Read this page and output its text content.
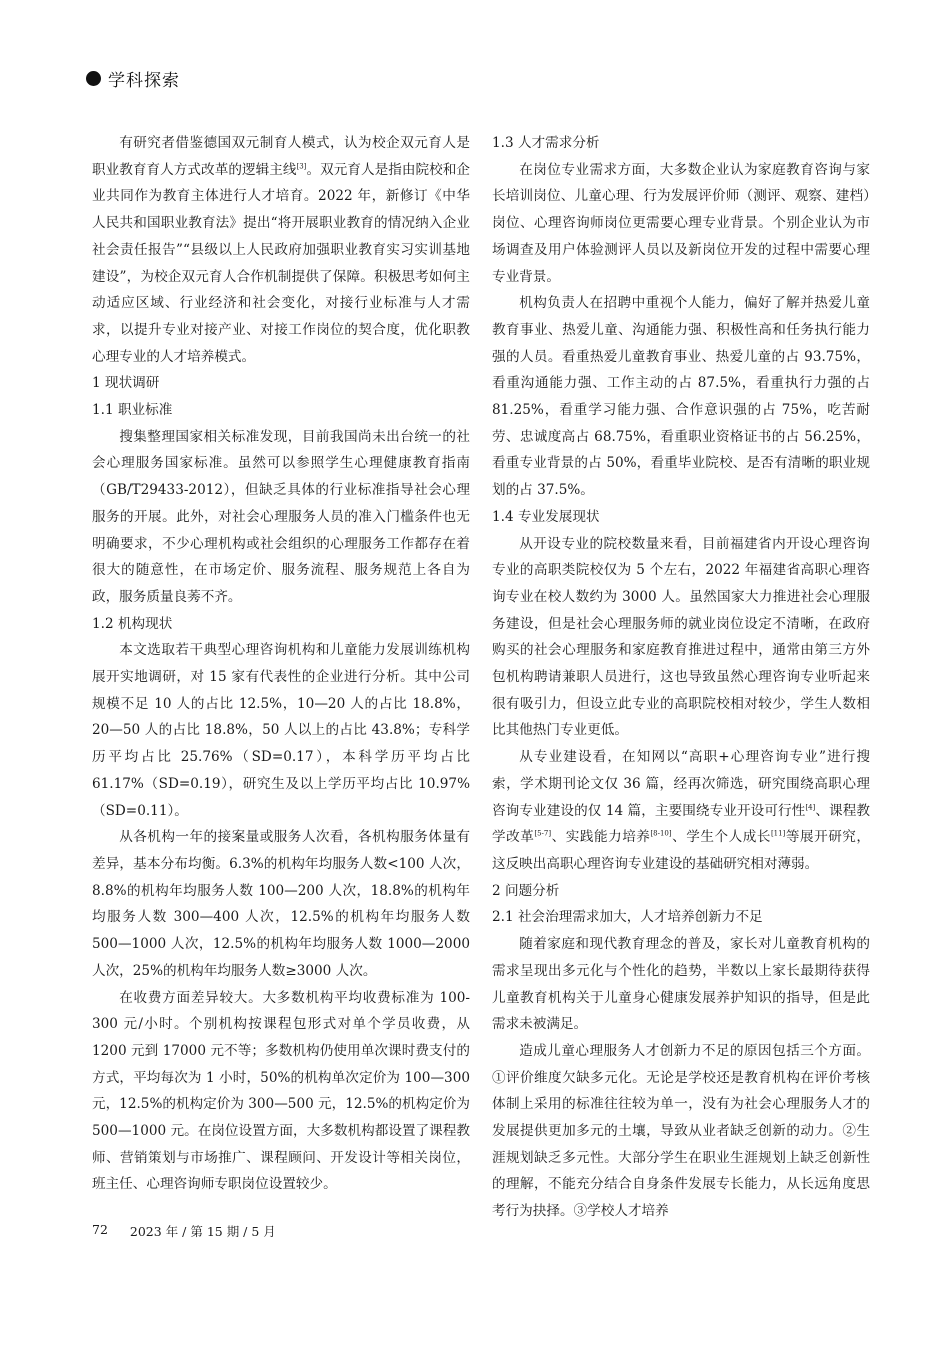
学科探索

有研究者借鉴德国双元制育人模式，认为校企双元育人是职业教育育人方式改革的逻辑主线[3]。双元育人是指由院校和企业共同作为教育主体进行人才培育。2022 年，新修订《中华人民共和国职业教育法》提出“将开展职业教育的情况纳入企业社会责任报告”“县级以上人民政府加强职业教育实习实训基地建设”，为校企双元育人合作机制提供了保障。积极思考如何主动适应区域、行业经济和社会变化，对接行业标准与人才需求，以提升专业对接产业、对接工作岗位的契合度，优化职教心理专业的人才培养模式。

1 现状调研

1.1 职业标准

搜集整理国家相关标准发现，目前我国尚未出台统一的社会心理服务国家标准。虽然可以参照学生心理健康教育指南（GB/T29433-2012），但缺乏具体的行业标准指导社会心理服务的开展。此外，对社会心理服务人员的准入门槛条件也无明确要求，不少心理机构或社会组织的心理服务工作都存在着很大的随意性，在市场定价、服务流程、服务规范上各自为政，服务质量良莠不齐。

1.2 机构现状

本文选取若干典型心理咨询机构和儿童能力发展训练机构展开实地调研，对 15 家有代表性的企业进行分析。其中公司规模不足 10 人的占比 12.5%，10—20 人的占比 18.8%，20—50 人的占比 18.8%，50 人以上的占比 43.8%；专科学历平均占比 25.76%（SD=0.17），本科学历平均占比 61.17%（SD=0.19），研究生及以上学历平均占比 10.97%（SD=0.11）。

从各机构一年的接案量或服务人次看，各机构服务体量有差异，基本分布均衡。6.3%的机构年均服务人数<100 人次，8.8%的机构年均服务人数 100—200 人次，18.8%的机构年均服务人数 300—400 人次，12.5%的机构年均服务人数 500—1000 人次，12.5%的机构年均服务人数 1000—2000 人次，25%的机构年均服务人数≥3000 人次。

在收费方面差异较大。大多数机构平均收费标准为 100-300 元/小时。个别机构按课程包形式对单个学员收费，从 1200 元到 17000 元不等；多数机构仍使用单次课时费支付的方式，平均每次为 1 小时，50%的机构单次定价为 100—300 元，12.5%的机构定价为 300—500 元，12.5%的机构定价为 500—1000 元。在岗位设置方面，大多数机构都设置了课程教师、营销策划与市场推广、课程顾问、开发设计等相关岗位，班主任、心理咨询师专职岗位设置较少。

1.3 人才需求分析

在岗位专业需求方面，大多数企业认为家庭教育咨询与家长培训岗位、儿童心理、行为发展评价师（测评、观察、建档）岗位、心理咨询师岗位更需要心理专业背景。个别企业认为市场调查及用户体验测评人员以及新岗位开发的过程中需要心理专业背景。

机构负责人在招聘中重视个人能力，偏好了解并热爱儿童教育事业、热爱儿童、沟通能力强、积极性高和任务执行能力强的人员。看重热爱儿童教育事业、热爱儿童的占 93.75%，看重沟通能力强、工作主动的占 87.5%，看重执行力强的占 81.25%，看重学习能力强、合作意识强的占 75%，吃苦耐劳、忠诚度高占 68.75%，看重职业资格证书的占 56.25%，看重专业背景的占 50%，看重毕业院校、是否有清晰的职业规划的占 37.5%。

1.4 专业发展现状

从开设专业的院校数量来看，目前福建省内开设心理咨询专业的高职类院校仅为 5 个左右，2022 年福建省高职心理咨询专业在校人数约为 3000 人。虽然国家大力推进社会心理服务建设，但是社会心理服务师的就业岗位设定不清晰，在政府购买的社会心理服务和家庭教育推进过程中，通常由第三方外包机构聘请兼职人员进行，这也导致虽然心理咨询专业听起来很有吸引力，但设立此专业的高职院校相对较少，学生人数相比其他热门专业更低。

从专业建设看，在知网以“高职+心理咨询专业”进行搜索，学术期刊论文仅 36 篇，经再次筛选，研究围绕高职心理咨询专业建设的仅 14 篇，主要围绕专业开设可行性[4]、课程教学改革[5-7]、实践能力培养[8-10]、学生个人成长[11]等展开研究，这反映出高职心理咨询专业建设的基础研究相对薄弱。

2 问题分析

2.1 社会治理需求加大，人才培养创新力不足

随着家庭和现代教育理念的普及，家长对儿童教育机构的需求呈现出多元化与个性化的趋势，半数以上家长最期待获得儿童教育机构关于儿童身心健康发展养护知识的指导，但是此需求未被满足。

造成儿童心理服务人才创新力不足的原因包括三个方面。①评价维度欠缺多元化。无论是学校还是教育机构在评价考核体制上采用的标准往往较为单一，没有为社会心理服务人才的发展提供更加多元的土壤，导致从业者缺乏创新的动力。②生涯规划缺乏多元性。大部分学生在职业生涯规划上缺乏创新性的理解，不能充分结合自身条件发展专长能力，从长远角度思考行为抉择。③学校人才培养

72 2023 年 / 第 15 期 / 5 月
